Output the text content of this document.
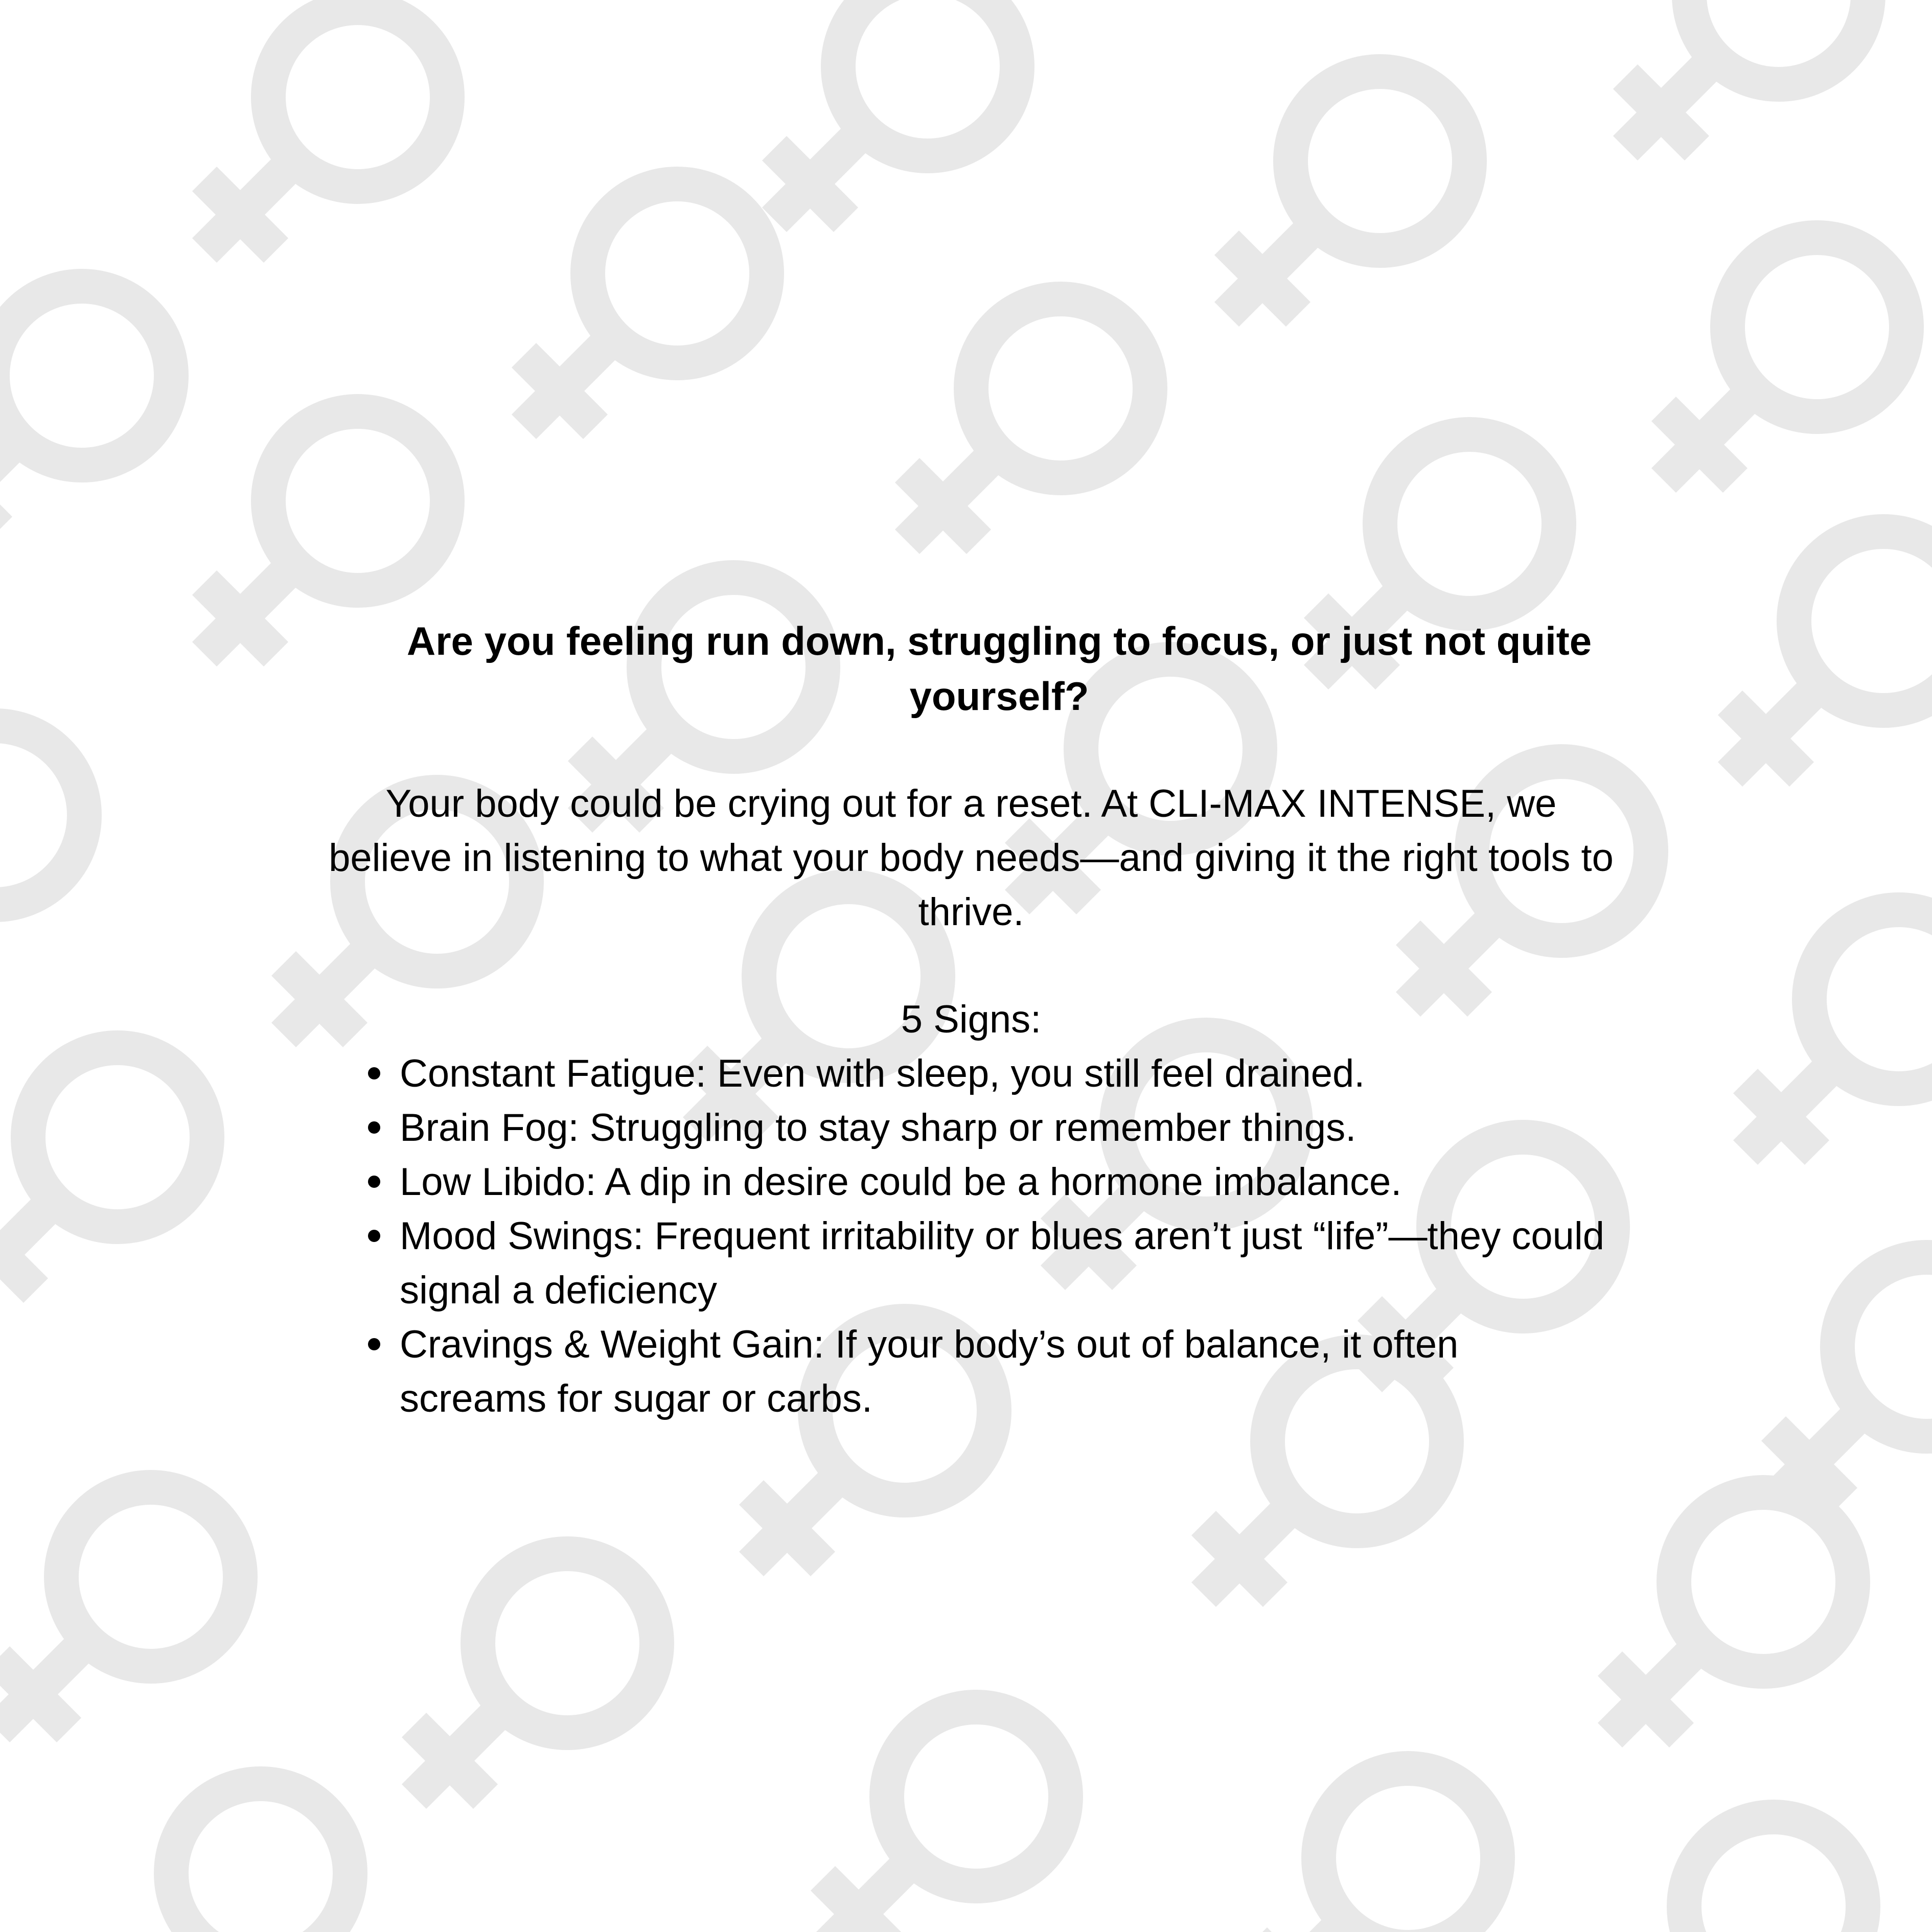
Are you feeling run down, struggling to focus, or just not quite yourself?

Your body could be crying out for a reset. At CLI-MAX INTENSE, we believe in listening to what your body needs—and giving it the right tools to thrive.

5 Signs:

Constant Fatigue: Even with sleep, you still feel drained.
Brain Fog: Struggling to stay sharp or remember things.
Low Libido: A dip in desire could be a hormone imbalance.
Mood Swings: Frequent irritability or blues aren’t just “life”—they could signal a deficiency
Cravings & Weight Gain: If your body’s out of balance, it often screams for sugar or carbs.
